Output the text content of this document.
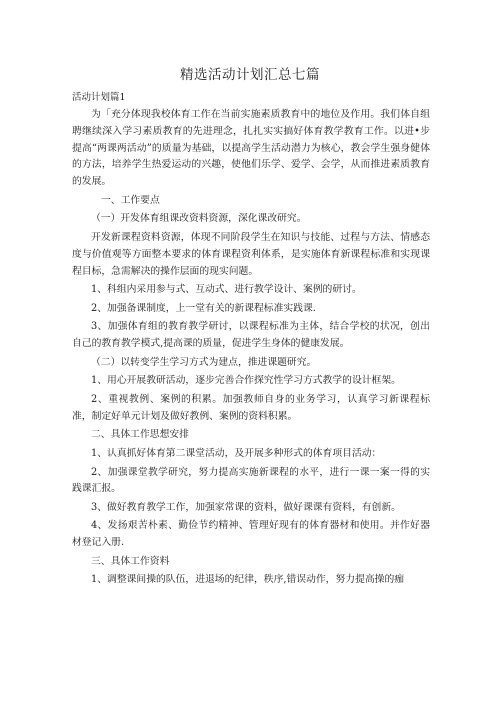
精选活动计划汇总七篇
活动计划篇1

为「充分体现我校体育工作在当前实施素质教育中的地位及作用。我们体自组聘继续深入学习素质教育的先进理念，扎扎实实搞好体育教学教育工作。以进•步提高“两课两活动”的质量为基础，以提高学生活动潜力为核心，教会学生强身健体的方法，培养学生热爱运动的兴趣，使他们乐学、爱学、会学，从而推进素质教育的发展。

一、工作要点

（一）开发体育组课改资料资源，深化课改研究。

开发新课程资料资源，体现不同阶段学生在知识与技能、过程与方法、情感态度与价值观等方面整本要求的体育课程资利体系，是实施体育新课程标准和实现课程目标，急需解决的操作层面的现实问题。

1、科组内采用参与式、互动式、进行教学设计、案例的研讨。

2、加强备课制度，上一堂有关的新课程标准实践课.

3、加强体育组的教育教学研讨，以课程标准为主体，结合学校的状况，创出自己的教育教学模式,提高课的质量，促进学生身体的健康发展。

（二）以转变学生学习方式为建点，推进课题研究。

1、用心开展教研活动，逐步完善合作探究性学习方式教学的设计框架。

2、重视教例、案例的积累。加强教师自身的业务学习，认真学习新课程标准，制定好单元计划及做好教例、案例的资料积累。

二、具体工作思想安排

1、认真抓好体育第二课堂活动，及开展多种形式的体育项目活动：

2、加强课堂教学研究，努力提高实施新课程的水平，进行一课一案一得的实践课汇报。

3、做好教育教学工作，加强家常课的资料，做好课课有资料，有创新。

4、发扬艰苦朴素、勤俭节约精神、管理好现有的体育器材和使用。并作好器材登记入册.

三、具体工作资料

1、调整课间操的队伍，进退场的纪律，秩序,错误动作，努力提高操的痂
